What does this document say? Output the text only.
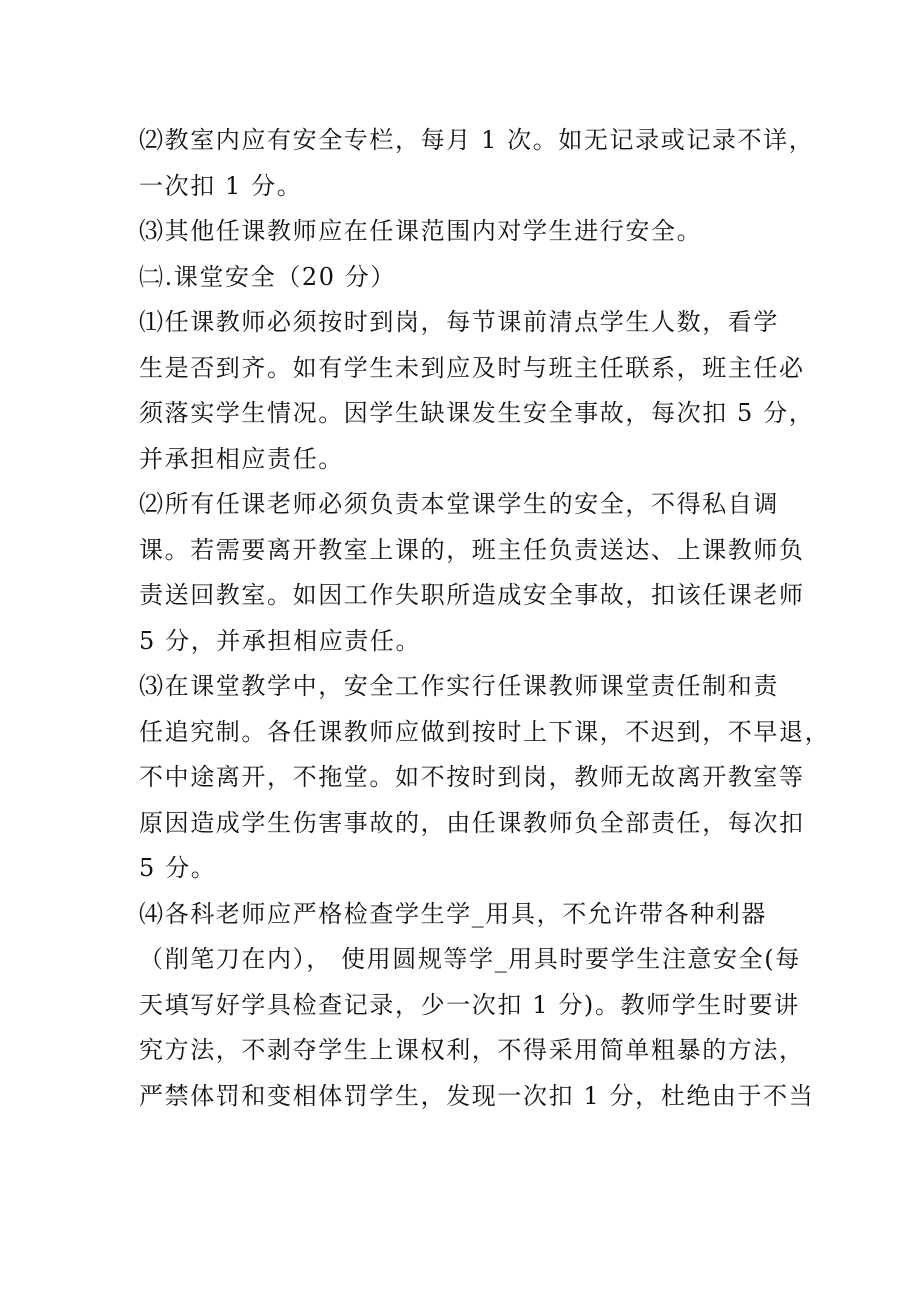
⑵教室内应有安全专栏，每月 1 次。如无记录或记录不详，
一次扣 1 分。
⑶其他任课教师应在任课范围内对学生进行安全。
㈡.课堂安全（20 分）
⑴任课教师必须按时到岗，每节课前清点学生人数，看学
生是否到齐。如有学生未到应及时与班主任联系，班主任必
须落实学生情况。因学生缺课发生安全事故，每次扣 5 分，
并承担相应责任。
⑵所有任课老师必须负责本堂课学生的安全，不得私自调
课。若需要离开教室上课的，班主任负责送达、上课教师负
责送回教室。如因工作失职所造成安全事故，扣该任课老师
5 分，并承担相应责任。
⑶在课堂教学中，安全工作实行任课教师课堂责任制和责
任追究制。各任课教师应做到按时上下课，不迟到，不早退，
不中途离开，不拖堂。如不按时到岗，教师无故离开教室等
原因造成学生伤害事故的，由任课教师负全部责任，每次扣
5 分。
⑷各科老师应严格检查学生学_用具，不允许带各种利器
（削笔刀在内）， 使用圆规等学_用具时要学生注意安全(每
天填写好学具检查记录，少一次扣 1 分)。教师学生时要讲
究方法，不剥夺学生上课权利，不得采用简单粗暴的方法，
严禁体罚和变相体罚学生，发现一次扣 1 分，杜绝由于不当
